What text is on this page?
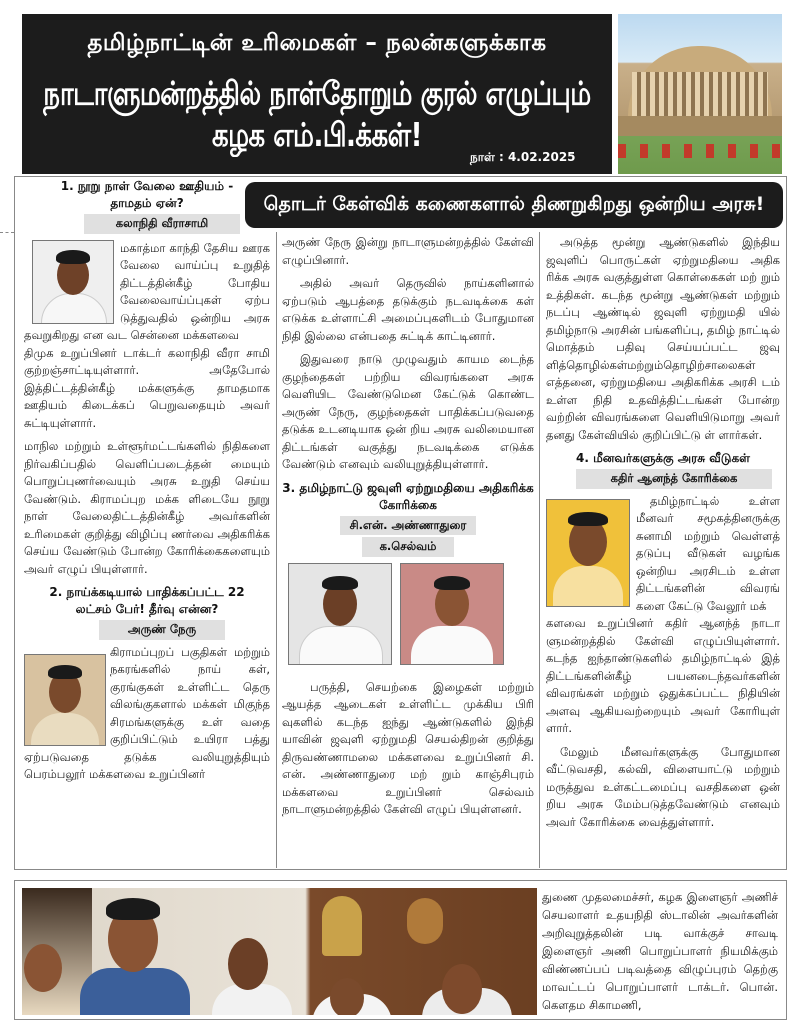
தமிழ்நாட்டின் உரிமைகள் – நலன்களுக்காக
நாடாளுமன்றத்தில் நாள்தோறும் குரல் எழுப்பும் கழக எம்.பி.க்கள்!
நாள் : 4.02.2025
தொடர் கேள்விக் கணைகளால் திணறுகிறது ஒன்றிய அரசு!
1. நூறு நாள் வேலை ஊதியம் - தாமதம் ஏன்?
கலாநிதி வீராசாமி

மகாத்மா காந்தி தேசிய ஊரக வேலை வாய்ப்பு உறுதித் திட்டத்தின்கீழ் போதிய வேலைவாய்ப்புகள் ஏற்ப டுத்துவதில் ஒன்றிய அரசு தவறுகிறது என வட சென்னை மக்களவை

திமுக உறுப்பினர் டாக்டர் கலாநிதி வீரா சாமி குற்றஞ்சாட்டியுள்ளார். அதேபோல் இத்திட்டத்தின்கீழ் மக்களுக்கு தாமதமாக ஊதியம் கிடைக்கப் பெறுவதையும் அவர் சுட்டியுள்ளார்.

மாநில மற்றும் உள்ளூர்மட்டங்களில் நிதிகளை நிர்வகிப்பதில் வெளிப்படைத்தன் மையும் பொறுப்புணர்வையும் அரசு உறுதி செய்ய வேண்டும். கிராமப்புற மக்க ளிடையே நூறு நாள் வேலைதிட்டத்தின்கீழ் அவர்களின் உரிமைகள் குறித்து விழிப்பு ணர்வை அதிகரிக்க செய்ய வேண்டும் போன்ற கோரிக்கைகளையும் அவர் எழுப் பியுள்ளார்.

2. நாய்க்கடியால் பாதிக்கப்பட்ட 22 லட்சம் பேர்! தீர்வு என்ன?
அருண் நேரு

கிராமப்புறப் பகுதிகள் மற்றும் நகரங்களில் நாய் கள், குரங்குகள் உள்ளிட்ட தெரு விலங்குகளால் மக்கள் மிகுந்த சிரமங்களுக்கு உள் வதை குறிப்பிட்டும் உயிரா பத்து ஏற்படுவதை தடுக்க வலியுறுத்தியும் பெரம்பலூர் மக்களவை உறுப்பினர்

அருண் நேரு இன்று நாடாளுமன்றத்தில் கேள்வி எழுப்பினார்.

அதில் அவர் தெருவில் நாய்களினால் ஏற்படும் ஆபத்தை தடுக்கும் நடவடிக்கை கள் எடுக்க உள்ளாட்சி அமைப்புகளிடம் போதுமான நிதி இல்லை என்பதை சுட்டிக் காட்டினார்.

இதுவரை நாடு முழுவதும் காயம டைந்த குழந்தைகள் பற்றிய விவரங்களை அரசு வெளியிட வேண்டுமென கேட்டுக் கொண்ட அருண் நேரு, குழந்தைகள் பாதிக்கப்படுவதை தடுக்க உடனடியாக ஒன் றிய அரசு வலிமையான திட்டங்கள் வகுத்து நடவடிக்கை எடுக்க வேண்டும் எனவும் வலியுறுத்தியுள்ளார்.

3. தமிழ்நாட்டு ஜவுளி ஏற்றுமதியை அதிகரிக்க கோரிக்கை
சி.என். அண்ணாதுரை
க.செல்வம்

பருத்தி, செயற்கை இழைகள் மற்றும் ஆயத்த ஆடைகள் உள்ளிட்ட முக்கிய பிரி வுகளில் கடந்த ஐந்து ஆண்டுகளில் இந்தி யாவின் ஜவுளி ஏற்றுமதி செயல்திறன் குறித்து திருவண்ணாமலை மக்களவை உறுப்பினர் சி. என். அண்ணாதுரை மற் றும் காஞ்சிபுரம் மக்களவை உறுப்பினர் செல்வம் நாடாளுமன்றத்தில் கேள்வி எழுப் பியுள்ளனர்.

அடுத்த மூன்று ஆண்டுகளில் இந்திய ஜவுளிப் பொருட்கள் ஏற்றுமதியை அதிக ரிக்க அரசு வகுத்துள்ள கொள்கைகள் மற் றும் உத்திகள். கடந்த மூன்று ஆண்டுகள் மற்றும் நடப்பு ஆண்டில் ஜவுளி ஏற்றுமதி யில் தமிழ்நாடு அரசின் பங்களிப்பு, தமிழ் நாட்டில் மொத்தம் பதிவு செய்யப்பட்ட ஜவு ளித்தொழில்கள்மற்றும்தொழிற்சாலைகள் எத்தனை, ஏற்றுமதியை அதிகரிக்க அரசி டம் உள்ள நிதி உதவித்திட்டங்கள் போன்ற வற்றின் விவரங்களை வெளியிடுமாறு அவர் தனது கேள்வியில் குறிப்பிட்டு ள் ளார்கள்.

4. மீனவர்களுக்கு அரசு வீடுகள்
கதிர் ஆனந்த் கோரிக்கை

தமிழ்நாட்டில் உள்ள மீனவர் சமூகத்தினருக்கு சுனாமி மற்றும் வெள்ளத் தடுப்பு வீடுகள் வழங்க ஒன்றிய அரசிடம் உள்ள திட்டங்களின் விவரங் களை கேட்டு வேலூர் மக்

களவை உறுப்பினர் கதிர் ஆனந்த் நாடா ளுமன்றத்தில் கேள்வி எழுப்பியுள்ளார். கடந்த ஐந்தாண்டுகளில் தமிழ்நாட்டில் இத் திட்டங்களின்கீழ் பயனடைந்தவர்களின் விவரங்கள் மற்றும் ஒதுக்கப்பட்ட நிதியின் அளவு ஆகியவற்றையும் அவர் கோரியுள் ளார்.

மேலும் மீனவர்களுக்கு போதுமான வீட்டுவசதி, கல்வி, விளையாட்டு மற்றும் மருத்துவ உள்கட்டமைப்பு வசதிகளை ஒன் றிய அரசு மேம்படுத்தவேண்டும் எனவும் அவர் கோரிக்கை வைத்துள்ளார்.

துணை முதலமைச்சர், கழக இளைஞர் அணிச் செயலாளர் உதயநிதி ஸ்டாலின் அவர்களின் அறிவுறுத்தலின் படி வாக்குச் சாவடி இளைஞர் அணி பொறுப்பாளர் நியமிக்கும் விண்ணப்பப் படிவத்தை விழுப்புரம் தெற்கு மாவட்டப் பொறுப்பாளர் டாக்டர். பொன். கௌதம சிகாமணி,
